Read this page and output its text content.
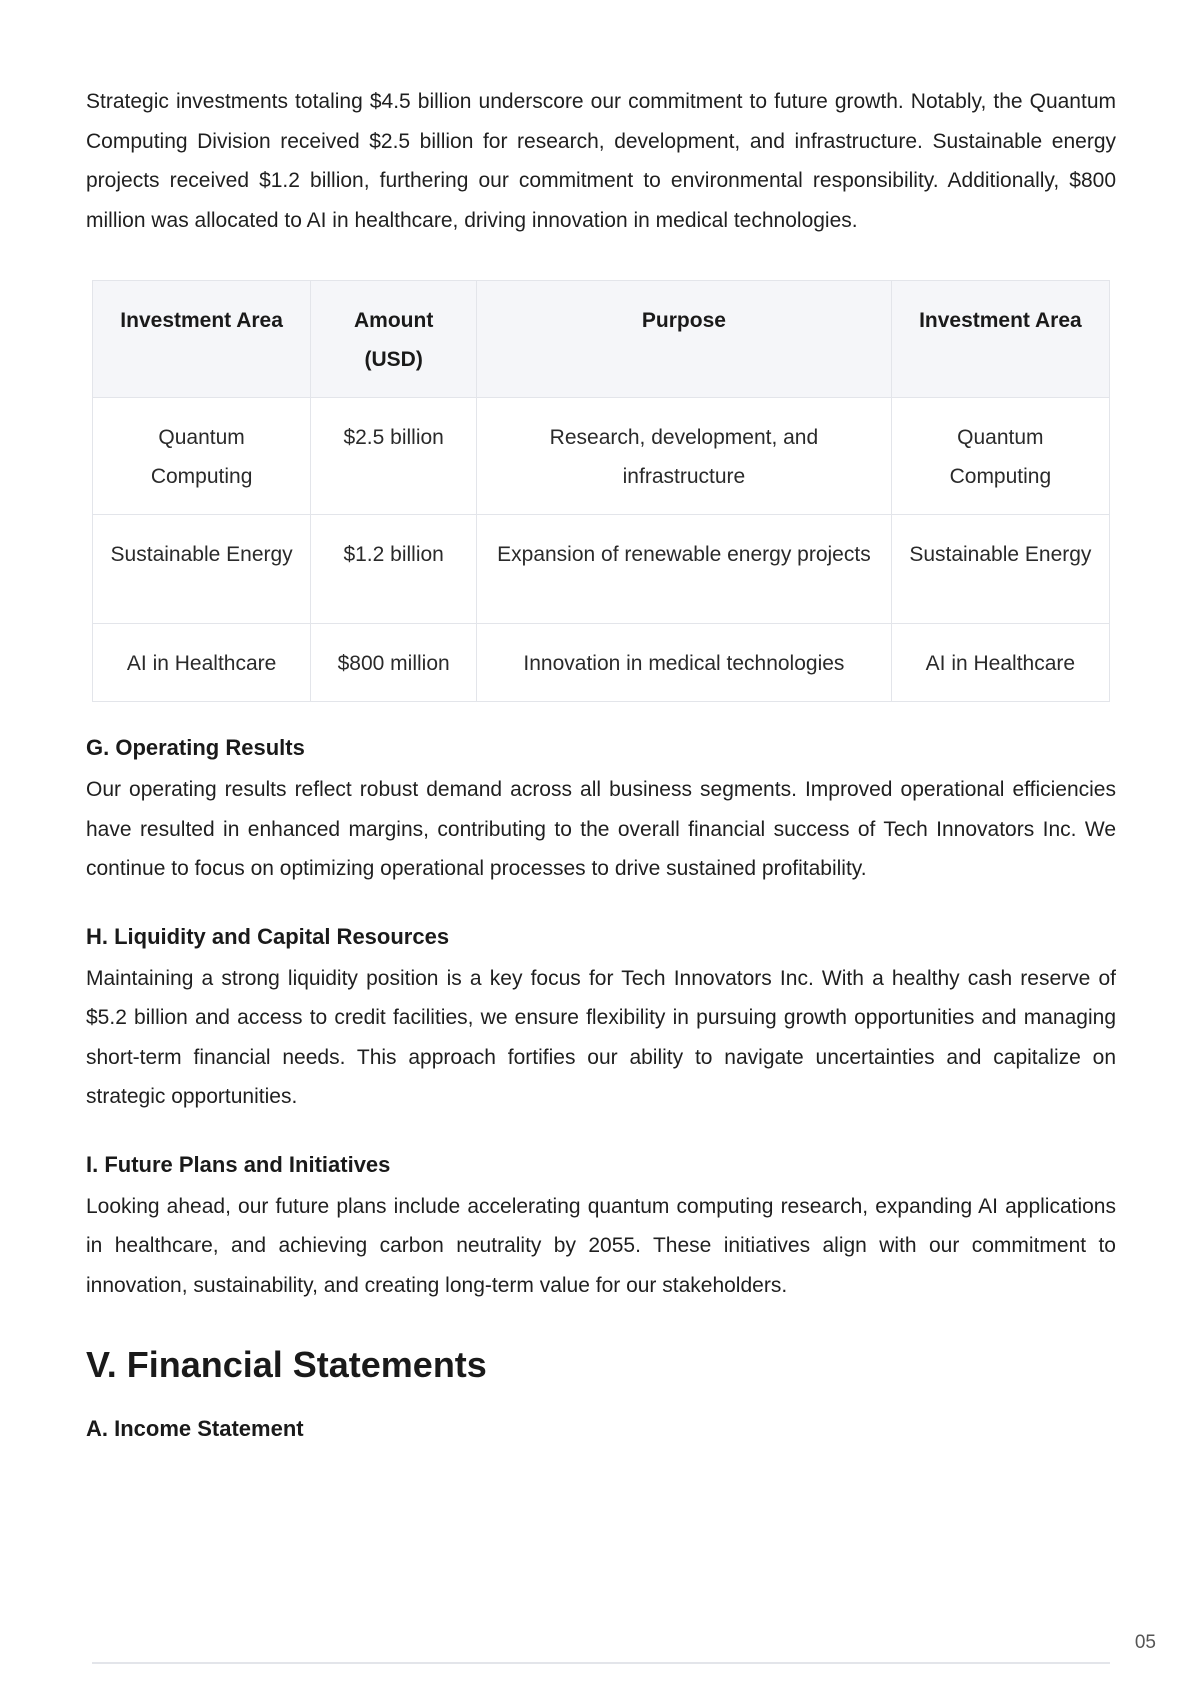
Strategic investments totaling $4.5 billion underscore our commitment to future growth. Notably, the Quantum Computing Division received $2.5 billion for research, development, and infrastructure. Sustainable energy projects received $1.2 billion, furthering our commitment to environmental responsibility. Additionally, $800 million was allocated to AI in healthcare, driving innovation in medical technologies.

Investment Area	Amount (USD)	Purpose	Investment Area
Quantum Computing	$2.5 billion	Research, development, and infrastructure	Quantum Computing
Sustainable Energy	$1.2 billion	Expansion of renewable energy projects	Sustainable Energy
AI in Healthcare	$800 million	Innovation in medical technologies	AI in Healthcare
G. Operating Results

Our operating results reflect robust demand across all business segments. Improved operational efficiencies have resulted in enhanced margins, contributing to the overall financial success of Tech Innovators Inc. We continue to focus on optimizing operational processes to drive sustained profitability.

H. Liquidity and Capital Resources

Maintaining a strong liquidity position is a key focus for Tech Innovators Inc. With a healthy cash reserve of $5.2 billion and access to credit facilities, we ensure flexibility in pursuing growth opportunities and managing short-term financial needs. This approach fortifies our ability to navigate uncertainties and capitalize on strategic opportunities.

I. Future Plans and Initiatives

Looking ahead, our future plans include accelerating quantum computing research, expanding AI applications in healthcare, and achieving carbon neutrality by 2055. These initiatives align with our commitment to innovation, sustainability, and creating long-term value for our stakeholders.

V. Financial Statements
A. Income Statement
05
